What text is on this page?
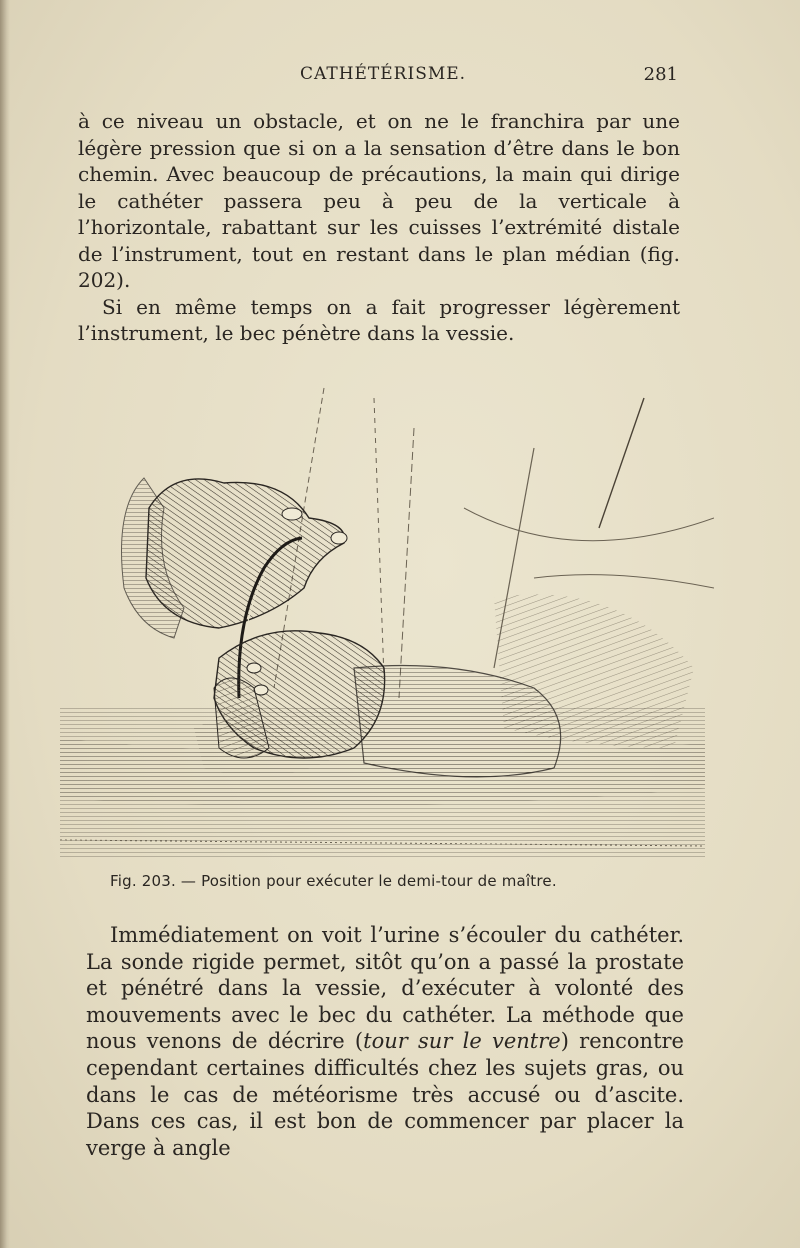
CATHÉTÉRISME.	281

à ce niveau un obstacle, et on ne le franchira par une légère pression que si on a la sensation d’être dans le bon chemin. Avec beaucoup de précautions, la main qui dirige le cathéter passera peu à peu de la verticale à l’horizontale, rabattant sur les cuisses l’extrémité distale de l’instrument, tout en restant dans le plan médian (fig. 202).

Si en même temps on a fait progresser légèrement l’instrument, le bec pénètre dans la vessie.

Fig. 203. — Position pour exécuter le demi-tour de maître.

Immédiatement on voit l’urine s’écouler du cathéter. La sonde rigide permet, sitôt qu’on a passé la prostate et pénétré dans la vessie, d’exécuter à volonté des mouvements avec le bec du cathéter. La méthode que nous venons de décrire (tour sur le ventre) rencontre cependant certaines difficultés chez les sujets gras, ou dans le cas de météorisme très accusé ou d’ascite. Dans ces cas, il est bon de commencer par placer la verge à angle
